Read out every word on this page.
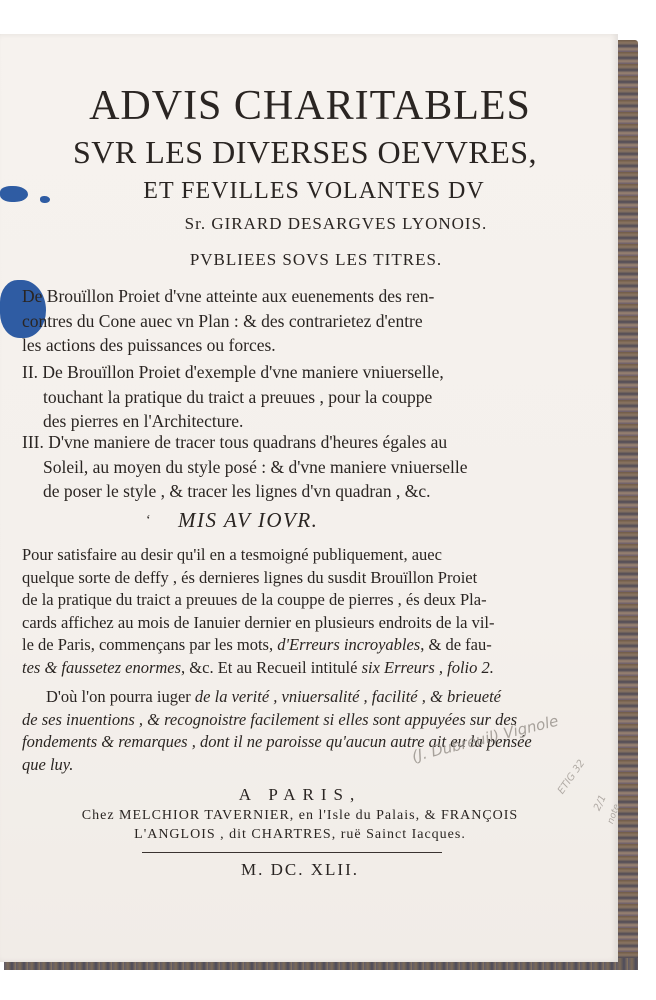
ADVIS CHARITABLES
SVR LES DIVERSES OEVVRES,
ET FEVILLES VOLANTES DV
Sr. GIRARD DESARGVES LYONOIS.
PVBLIEES SOVS LES TITRES.
De Brouïllon Proiet d'vne atteinte aux euenements des ren-
contres du Cone auec vn Plan : & des contrarietez d'entre
les actions des puissances ou forces.
II. De Brouïllon Proiet d'exemple d'vne maniere vniuerselle,
touchant la pratique du traict a preuues , pour la couppe
des pierres en l'Architecture.
III. D'vne maniere de tracer tous quadrans d'heures égales au
Soleil, au moyen du style posé : & d'vne maniere vniuerselle
de poser le style , & tracer les lignes d'vn quadran , &c.
‘ MIS AV IOVR.
Pour satisfaire au desir qu'il en a tesmoigné publiquement, auec
quelque sorte de deffy , és dernieres lignes du susdit Brouïllon Proiet
de la pratique du traict a preuues de la couppe de pierres , és deux Pla-
cards affichez au mois de Ianuier dernier en plusieurs endroits de la vil-
le de Paris, commençans par les mots, d'Erreurs incroyables, & de fau-
tes & faussetez enormes, &c. Et au Recueil intitulé six Erreurs , folio 2.
D'où l'on pourra iuger de la verité , vniuersalité , facilité , & brieueté
de ses inuentions , & recognoistre facilement si elles sont appuyées sur des
fondements & remarques , dont il ne paroisse qu'aucun autre ait eu la pensée
que luy.	(J. Dubreuil) Vignole
ETIG 32
2/1
note
A PARIS,
Chez MELCHIOR TAVERNIER, en l'Isle du Palais, & FRANÇOIS
L'ANGLOIS , dit CHARTRES, ruë Sainct Iacques.
M. DC. XLII.
